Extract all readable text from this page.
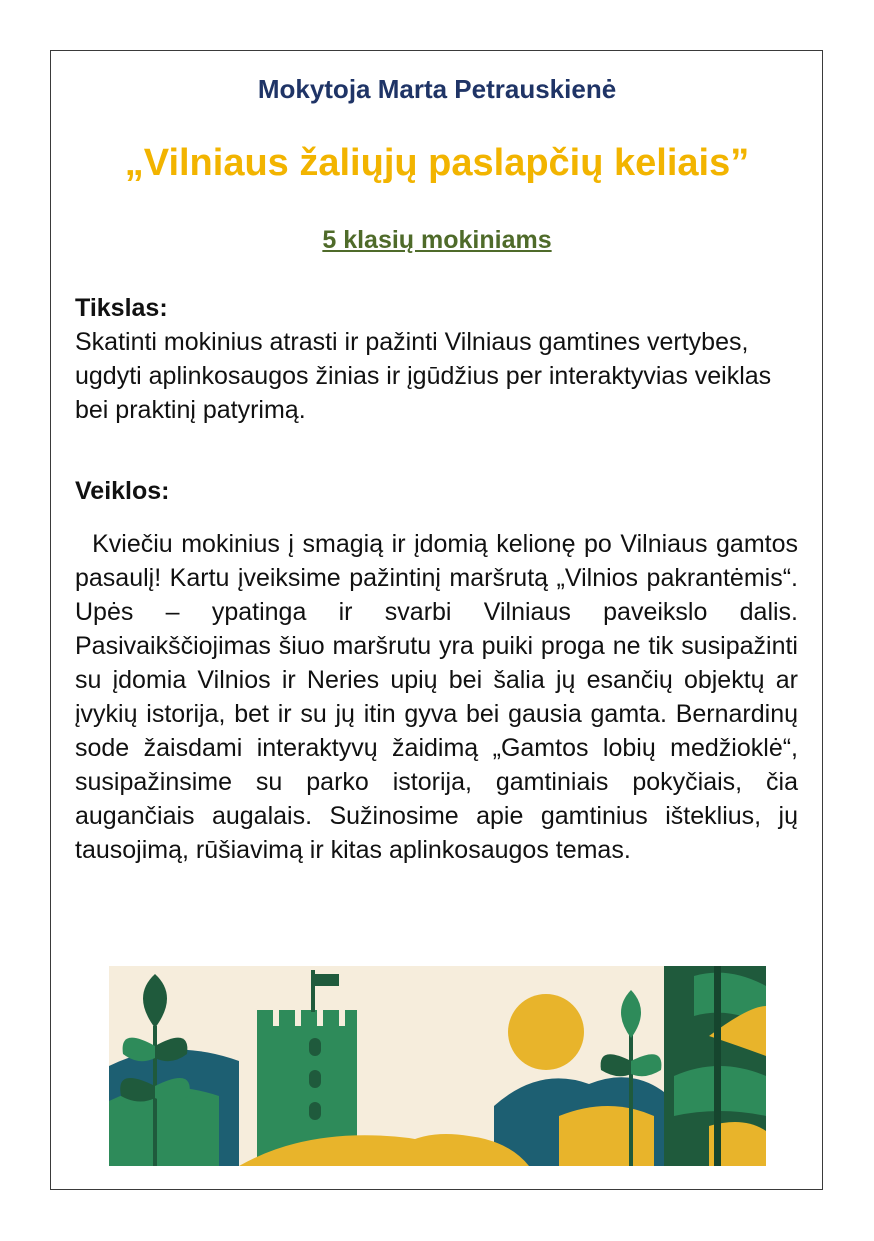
Mokytoja Marta Petrauskienė
„Vilniaus žaliųjų paslapčių keliais”
5 klasių mokiniams
Tikslas:
Skatinti mokinius atrasti ir pažinti Vilniaus gamtines vertybes, ugdyti aplinkosaugos žinias ir įgūdžius per interaktyvias veiklas bei praktinį patyrimą.
Veiklos:
Kviečiu mokinius į smagią ir įdomią kelionę po Vilniaus gamtos pasaulį! Kartu įveiksime pažintinį maršrutą „Vilnios pakrantėmis“. Upės – ypatinga ir svarbi Vilniaus paveikslo dalis. Pasivaikščiojimas šiuo maršrutu yra puiki proga ne tik susipažinti su įdomia Vilnios ir Neries upių bei šalia jų esančių objektų ar įvykių istorija, bet ir su jų itin gyva bei gausia gamta. Bernardinų sode žaisdami interaktyvų žaidimą „Gamtos lobių medžioklė“, susipažinsime su parko istorija, gamtiniais pokyčiais, čia augančiais augalais. Sužinosime apie gamtinius išteklius, jų tausojimą, rūšiavimą ir kitas aplinkosaugos temas.
